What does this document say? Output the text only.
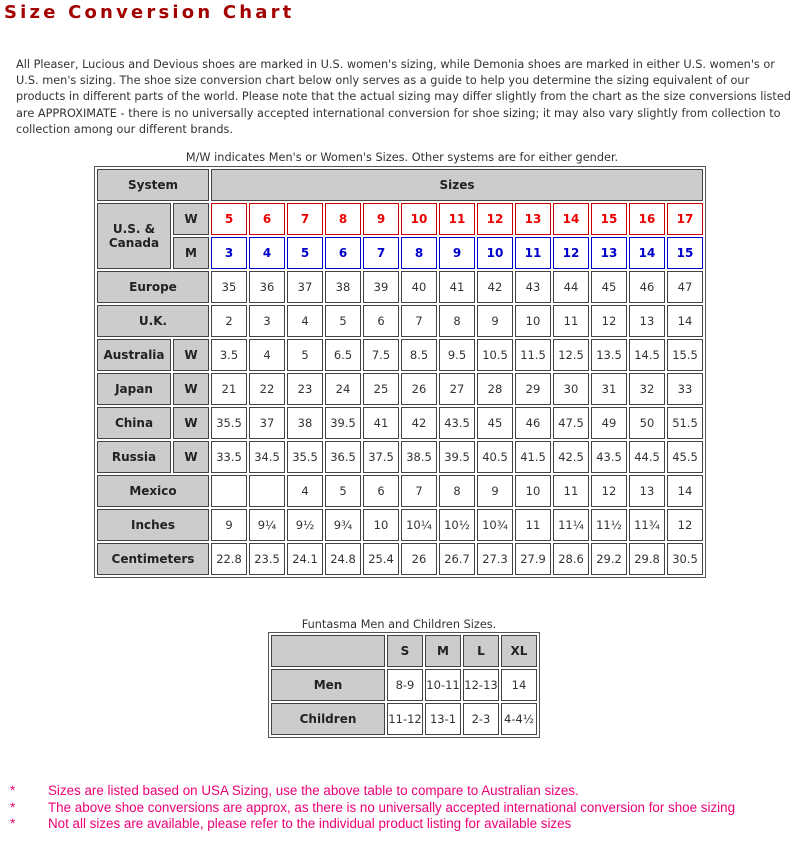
Size Conversion Chart

All Pleaser, Lucious and Devious shoes are marked in U.S. women's sizing, while Demonia shoes are marked in either U.S. women's or U.S. men's sizing. The shoe size conversion chart below only serves as a guide to help you determine the sizing equivalent of our products in different parts of the world. Please note that the actual sizing may differ slightly from the chart as the size conversions listed are APPROXIMATE - there is no universally accepted international conversion for shoe sizing; it may also vary slightly from collection to collection among our different brands.

M/W indicates Men's or Women's Sizes. Other systems are for either gender.
System		Sizes												
U.S. & Canada	W	5	6	7	8	9	10	11	12	13	14	15	16	17
	M	3	4	5	6	7	8	9	10	11	12	13	14	15
Europe		35	36	37	38	39	40	41	42	43	44	45	46	47
U.K.		2	3	4	5	6	7	8	9	10	11	12	13	14
Australia	W	3.5	4	5	6.5	7.5	8.5	9.5	10.5	11.5	12.5	13.5	14.5	15.5
Japan	W	21	22	23	24	25	26	27	28	29	30	31	32	33
China	W	35.5	37	38	39.5	41	42	43.5	45	46	47.5	49	50	51.5
Russia	W	33.5	34.5	35.5	36.5	37.5	38.5	39.5	40.5	41.5	42.5	43.5	44.5	45.5
Mexico				4	5	6	7	8	9	10	11	12	13	14
Inches		9	9¼	9½	9¾	10	10¼	10½	10¾	11	11¼	11½	11¾	12
Centimeters		22.8	23.5	24.1	24.8	25.4	26	26.7	27.3	27.9	28.6	29.2	29.8	30.5
Funtasma Men and Children Sizes.
	S	M	L	XL
Men	8-9	10-11	12-13	14
Children	11-12	13-1	2-3	4-4½
*	Sizes are listed based on USA Sizing, use the above table to compare to Australian sizes.
*	The above shoe conversions are approx, as there is no universally accepted international conversion for shoe sizing
*	Not all sizes are available, please refer to the individual product listing for available sizes
